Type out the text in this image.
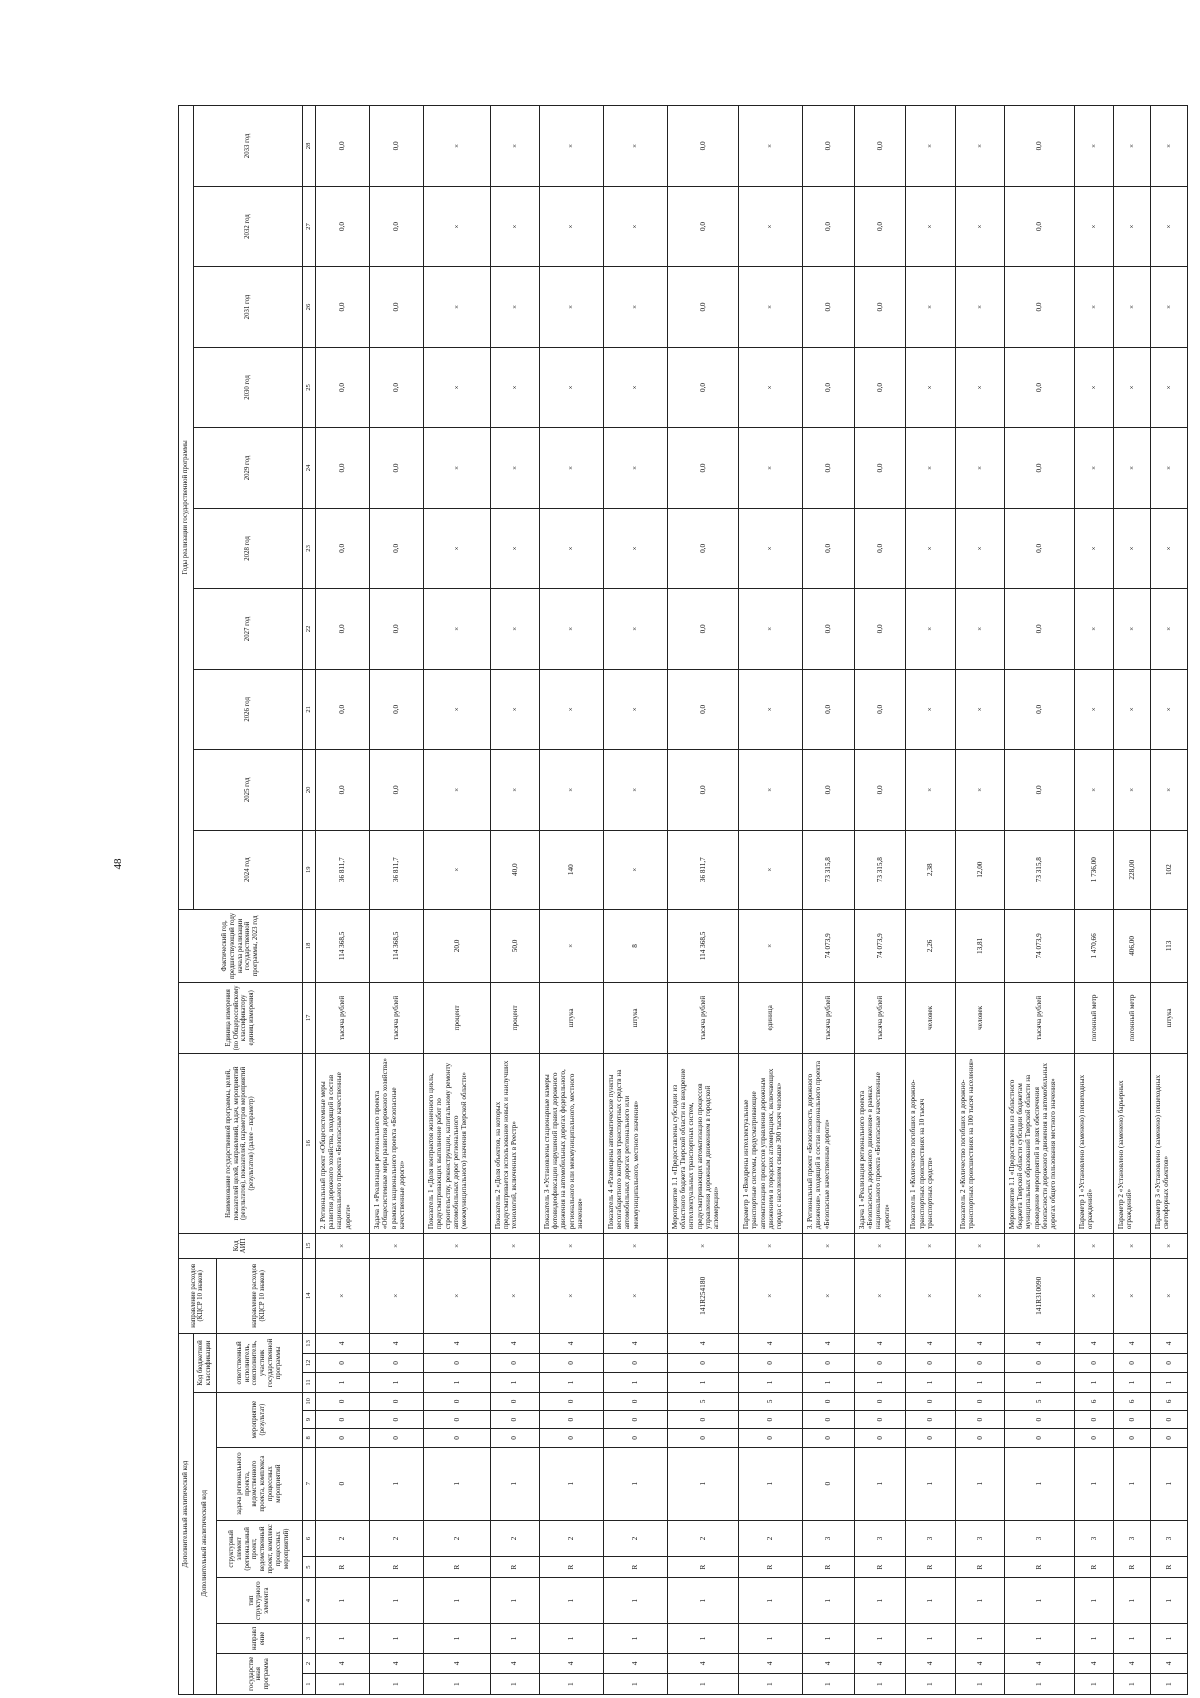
48
Дополнительный аналитический код													направление расходов (КЦСР 10 знаков)	Код АИП	Наименование государственной программы, целей, показателей целей, направлений, задач, мероприятий (результатов), показателей, параметров мероприятий (результатов) (далее – параметр)	Единица измерения (по Общероссийскому классификатору единиц измерения)	Фактический год, предшествующий году начала реализации государственной программы, 2023 год	Годы реализации государственной программы									
Дополнительный аналитический код										Код бюджетной классификации								2024 год	2025 год	2026 год	2027 год	2028 год	2029 год	2030 год	2031 год	2032 год	2033 год
государственная программа		направление	тип структурного элемента	структурный элемент (региональный проект, ведомственный проект, комплекс процессных мероприятий)		задача регионального проекта, ведомственного проекта, комплекса процессных мероприятий	мероприятие (результат)			ответственный исполнитель, соисполнитель, участник государственной программы			направление расходов (КЦСР 10 знаков)														
1	2	3	4	5	6	7	8	9	10	11	12	13	14	15	16	17	18	19	20	21	22	23	24	25	26	27	28
1	4	1	1	R	2	0	0	0	0	1	0	4	×	×	2. Региональный проект «Общесистемные меры развития дорожного хозяйства, входящий в состав национального проекта «Безопасные качественные дороги»	тысяча рублей	114 368,5	36 811,7	0,0	0,0	0,0	0,0	0,0	0,0	0,0	0,0	0,0
1	4	1	1	R	2	1	0	0	0	1	0	4	×	×	Задача 1 «Реализация регионального проекта «Общесистемные меры развития дорожного хозяйства» в рамках национального проекта «Безопасные качественные дороги»	тысяча рублей	114 368,5	36 811,7	0,0	0,0	0,0	0,0	0,0	0,0	0,0	0,0	0,0
1	4	1	1	R	2	1	0	0	0	1	0	4	×	×	Показатель 1 «Доля контрактов жизненного цикла, предусматривающих выполнение работ по строительству, реконструкции, капитальному ремонту автомобильных дорог регионального (межмуниципального) значения Тверской области»	процент	20,0	×	×	×	×	×	×	×	×	×	×
1	4	1	1	R	2	1	0	0	0	1	0	4	×	×	Показатель 2 «Доля объектов, на которых предусматривается использование новых и наилучших технологий, включенных в Реестр»	процент	50,0	40,0	×	×	×	×	×	×	×	×	×
1	4	1	1	R	2	1	0	0	0	1	0	4	×	×	Показатель 3 «Установлены стационарные камеры фотовидеофиксации нарушений правил дорожного движения на автомобильных дорогах федерального, регионального или межмуниципального, местного значения»	штука	×	140	×	×	×	×	×	×	×	×	×
1	4	1	1	R	2	1	0	0	0	1	0	4	×	×	Показатель 4 «Размещены автоматические пункты весогабаритного контроля транспортных средств на автомобильных дорогах регионального или межмуниципального, местного значения»	штука	8	×	×	×	×	×	×	×	×	×	×
1	4	1	1	R	2	1	0	0	5	1	0	4	141R254180	×	Мероприятие 1.1 «Предоставлены субсидии из областного бюджета Тверской области на внедрение интеллектуальных транспортных систем, предусматривающих автоматизацию процессов управления дорожным движением в городской агломерации»	тысяча рублей	114 368,5	36 811,7	0,0	0,0	0,0	0,0	0,0	0,0	0,0	0,0	0,0
1	4	1	1	R	2	1	0	0	5	1	0	4	×	×	Параметр 1 «Внедрены интеллектуальные транспортные системы, предусматривающие автоматизацию процессов управления дорожным движением в городских агломерациях, включающих города с населением свыше 300 тысяч человек»	единица	×	×	×	×	×	×	×	×	×	×	×
1	4	1	1	R	3	0	0	0	0	1	0	4	×	×	3. Региональный проект «Безопасность дорожного движения», входящий в состав национального проекта «Безопасные качественные дороги»	тысяча рублей	74 073,9	73 315,8	0,0	0,0	0,0	0,0	0,0	0,0	0,0	0,0	0,0
1	4	1	1	R	3	1	0	0	0	1	0	4	×	×	Задача 1 «Реализация регионального проекта «Безопасность дорожного движения» в рамках национального проекта «Безопасные качественные дороги»	тысяча рублей	74 073,9	73 315,8	0,0	0,0	0,0	0,0	0,0	0,0	0,0	0,0	0,0
1	4	1	1	R	3	1	0	0	0	1	0	4	×	×	Показатель 1 «Количество погибших в дорожно-транспортных происшествиях на 10 тысяч транспортных средств»	человек	2,26	2,38	×	×	×	×	×	×	×	×	×
1	4	1	1	R	3	1	0	0	0	1	0	4	×	×	Показатель 2 «Количество погибших в дорожно-транспортных происшествиях на 100 тысяч населения»	человек	13,81	12,00	×	×	×	×	×	×	×	×	×
1	4	1	1	R	3	1	0	0	5	1	0	4	141R310090	×	Мероприятие 1.1 «Предоставлены из областного бюджета Тверской области субсидии бюджетам муниципальных образований Тверской области на проведение мероприятий в целях обеспечения безопасности дорожного движения на автомобильных дорогах общего пользования местного значения»	тысяча рублей	74 073,9	73 315,8	0,0	0,0	0,0	0,0	0,0	0,0	0,0	0,0	0,0
1	4	1	1	R	3	1	0	0	6	1	0	4	×	×	Параметр 1 «Установлено (заменено) пешеходных ограждений»	погонный метр	1 470,66	1 736,00	×	×	×	×	×	×	×	×	×
1	4	1	1	R	3	1	0	0	6	1	0	4	×	×	Параметр 2 «Установлено (заменено) барьерных ограждений»	погонный метр	406,00	228,00	×	×	×	×	×	×	×	×	×
1	4	1	1	R	3	1	0	0	6	1	0	4	×	×	Параметр 3 «Установлено (заменено) пешеходных светофорных объектов»	штука	113	102	×	×	×	×	×	×	×	×	×
